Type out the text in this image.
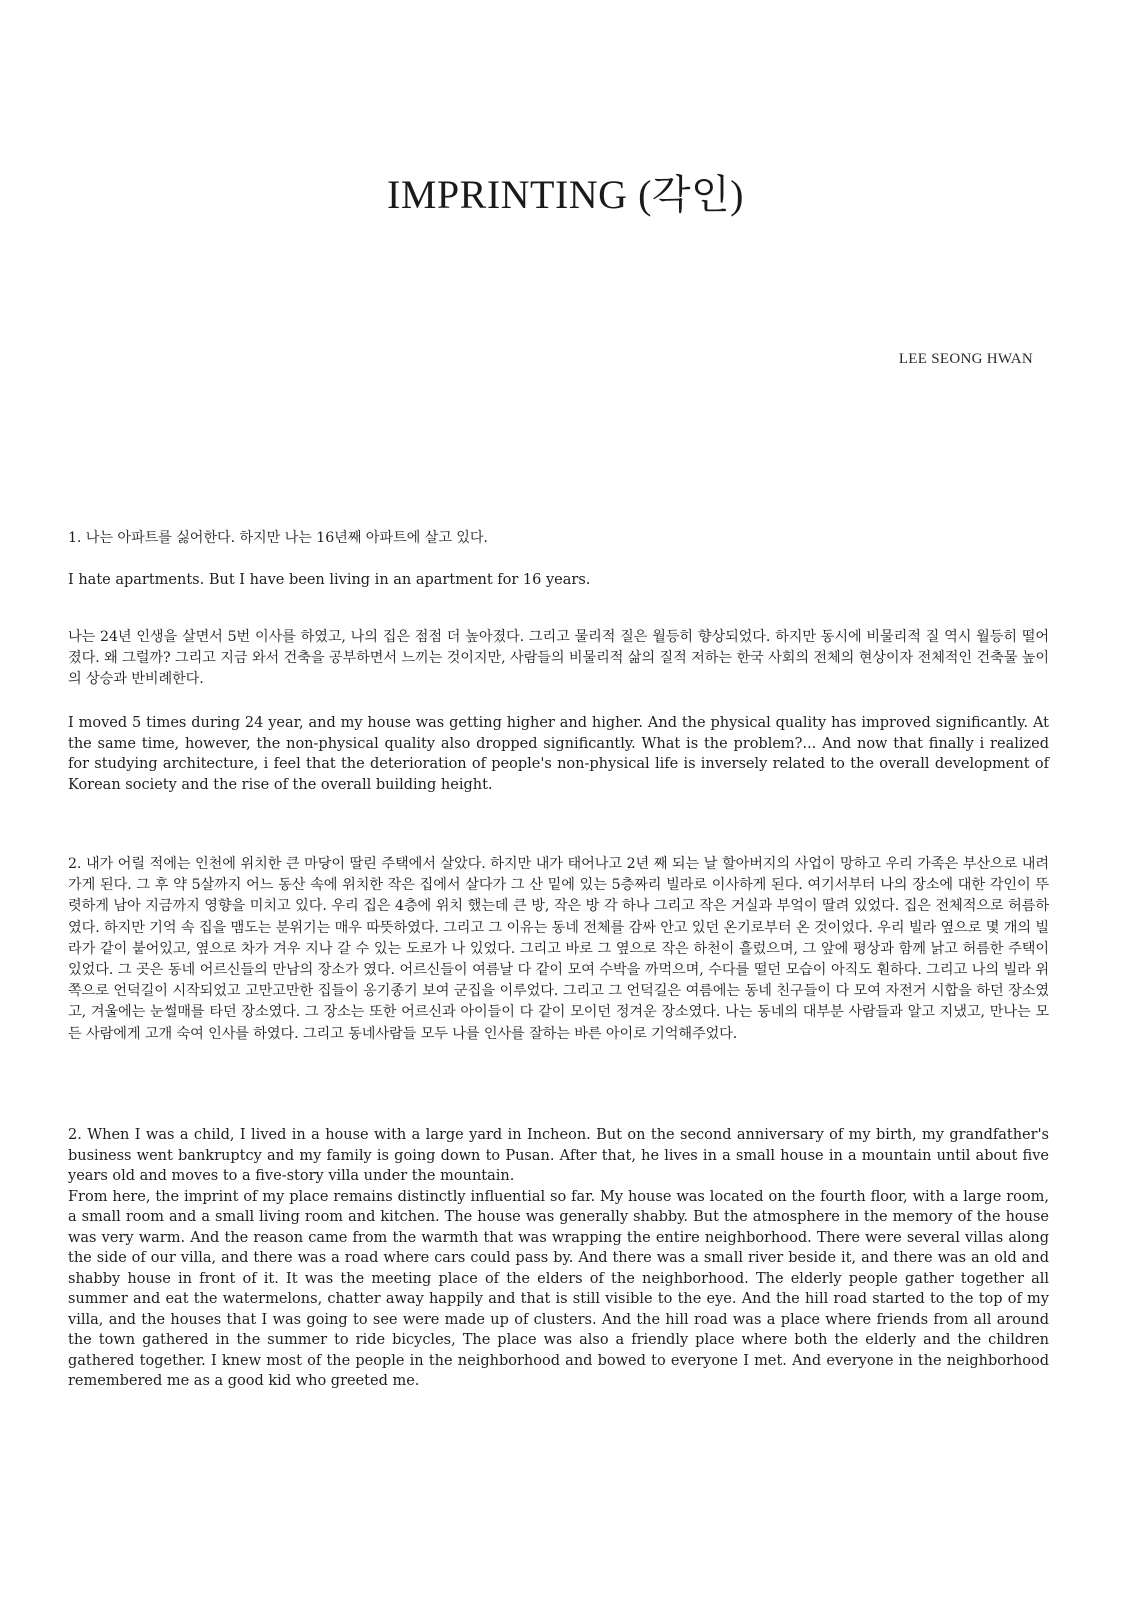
IMPRINTING (각인)
LEE SEONG HWAN

1. 나는 아파트를 싫어한다. 하지만 나는 16년째 아파트에 살고 있다.

I hate apartments. But I have been living in an apartment for 16 years.

나는 24년 인생을 살면서 5번 이사를 하였고, 나의 집은 점점 더 높아졌다. 그리고 물리적 질은 월등히 향상되었다. 하지만 동시에 비물리적 질 역시 월등히 떨어졌다. 왜 그럴까? 그리고 지금 와서 건축을 공부하면서 느끼는 것이지만, 사람들의 비물리적 삶의 질적 저하는 한국 사회의 전체의 현상이자 전체적인 건축물 높이의 상승과 반비례한다.

I moved 5 times during 24 year, and my house was getting higher and higher. And the physical quality has improved significantly. At the same time, however, the non-physical quality also dropped significantly. What is the problem?... And now that finally i realized for studying architecture, i feel that the deterioration of people's non-physical life is inversely related to the overall development of Korean society and the rise of the overall building height.

2. 내가 어릴 적에는 인천에 위치한 큰 마당이 딸린 주택에서 살았다. 하지만 내가 태어나고 2년 째 되는 날 할아버지의 사업이 망하고 우리 가족은 부산으로 내려가게 된다. 그 후 약 5살까지 어느 동산 속에 위치한 작은 집에서 살다가 그 산 밑에 있는 5층짜리 빌라로 이사하게 된다. 여기서부터 나의 장소에 대한 각인이 뚜렷하게 남아 지금까지 영향을 미치고 있다. 우리 집은 4층에 위치 했는데 큰 방, 작은 방 각 하나 그리고 작은 거실과 부엌이 딸려 있었다. 집은 전체적으로 허름하였다. 하지만 기억 속 집을 맴도는 분위기는 매우 따뜻하였다. 그리고 그 이유는 동네 전체를 감싸 안고 있던 온기로부터 온 것이었다. 우리 빌라 옆으로 몇 개의 빌라가 같이 붙어있고, 옆으로 차가 겨우 지나 갈 수 있는 도로가 나 있었다. 그리고 바로 그 옆으로 작은 하천이 흘렀으며, 그 앞에 평상과 함께 낡고 허름한 주택이 있었다. 그 곳은 동네 어르신들의 만남의 장소가 였다. 어르신들이 여름날 다 같이 모여 수박을 까먹으며, 수다를 떨던 모습이 아직도 훤하다. 그리고 나의 빌라 위쪽으로 언덕길이 시작되었고 고만고만한 집들이 옹기종기 보여 군집을 이루었다. 그리고 그 언덕길은 여름에는 동네 친구들이 다 모여 자전거 시합을 하던 장소였고, 겨울에는 눈썰매를 타던 장소였다. 그 장소는 또한 어르신과 아이들이 다 같이 모이던 정겨운 장소였다. 나는 동네의 대부분 사람들과 알고 지냈고, 만나는 모든 사람에게 고개 숙여 인사를 하였다. 그리고 동네사람들 모두 나를 인사를 잘하는 바른 아이로 기억해주었다.

2. When I was a child, I lived in a house with a large yard in Incheon. But on the second anniversary of my birth, my grandfather's business went bankruptcy and my family is going down to Pusan. After that, he lives in a small house in a mountain until about five years old and moves to a five-story villa under the mountain.
From here, the imprint of my place remains distinctly influential so far. My house was located on the fourth floor, with a large room, a small room and a small living room and kitchen. The house was generally shabby. But the atmosphere in the memory of the house was very warm. And the reason came from the warmth that was wrapping the entire neighborhood. There were several villas along the side of our villa, and there was a road where cars could pass by. And there was a small river beside it, and there was an old and shabby house in front of it. It was the meeting place of the elders of the neighborhood. The elderly people gather together all summer and eat the watermelons, chatter away happily and that is still visible to the eye. And the hill road started to the top of my villa, and the houses that I was going to see were made up of clusters. And the hill road was a place where friends from all around the town gathered in the summer to ride bicycles, The place was also a friendly place where both the elderly and the children gathered together. I knew most of the people in the neighborhood and bowed to everyone I met. And everyone in the neighborhood remembered me as a good kid who greeted me.
